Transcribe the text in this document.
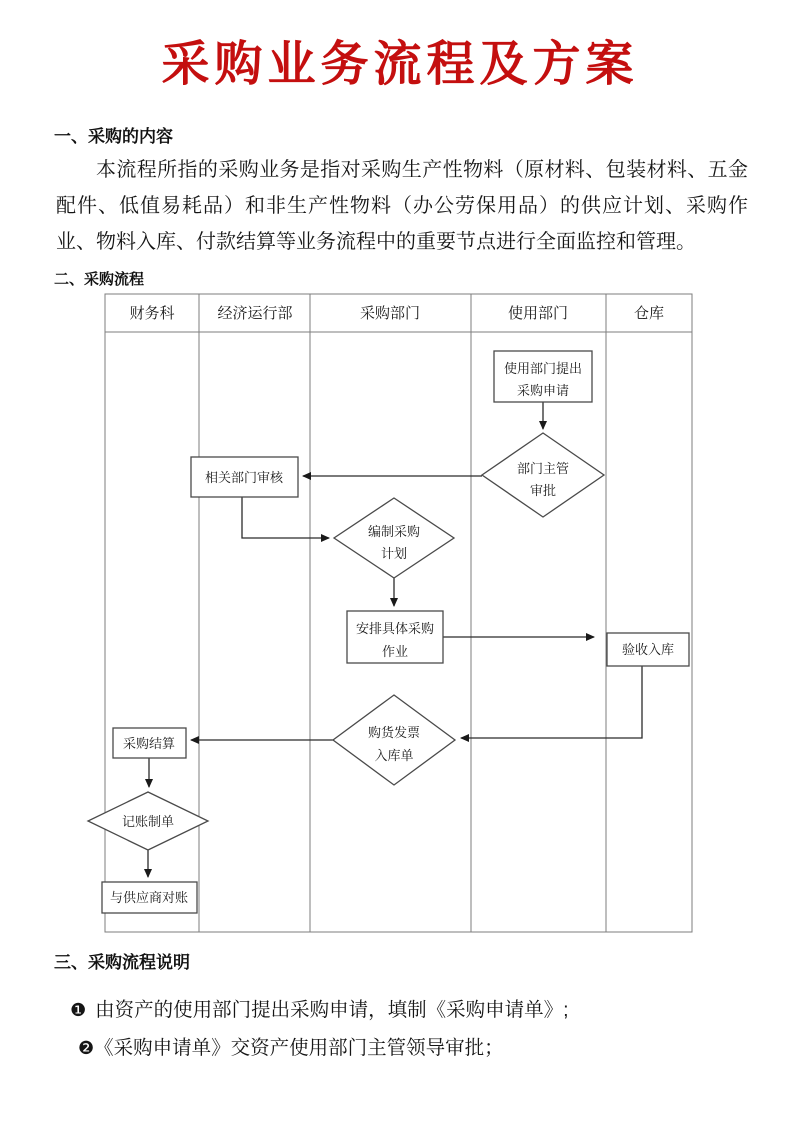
采购业务流程及方案
一、采购的内容
本流程所指的采购业务是指对采购生产性物料（原材料、包装材料、五金配件、低值易耗品）和非生产性物料（办公劳保用品）的供应计划、采购作业、物料入库、付款结算等业务流程中的重要节点进行全面监控和管理。
二、采购流程
财务科	经济运行部	采购部门	使用部门	仓库
使用部门提出
采购申请
部门主管
审批
相关部门审核
编制采购
计划
安排具体采购
作业	验收入库
购货发票
入库单
采购结算
记账制单
与供应商对账
三、采购流程说明
❶ 由资产的使用部门提出采购申请，填制《采购申请单》;
❷《采购申请单》交资产使用部门主管领导审批；
